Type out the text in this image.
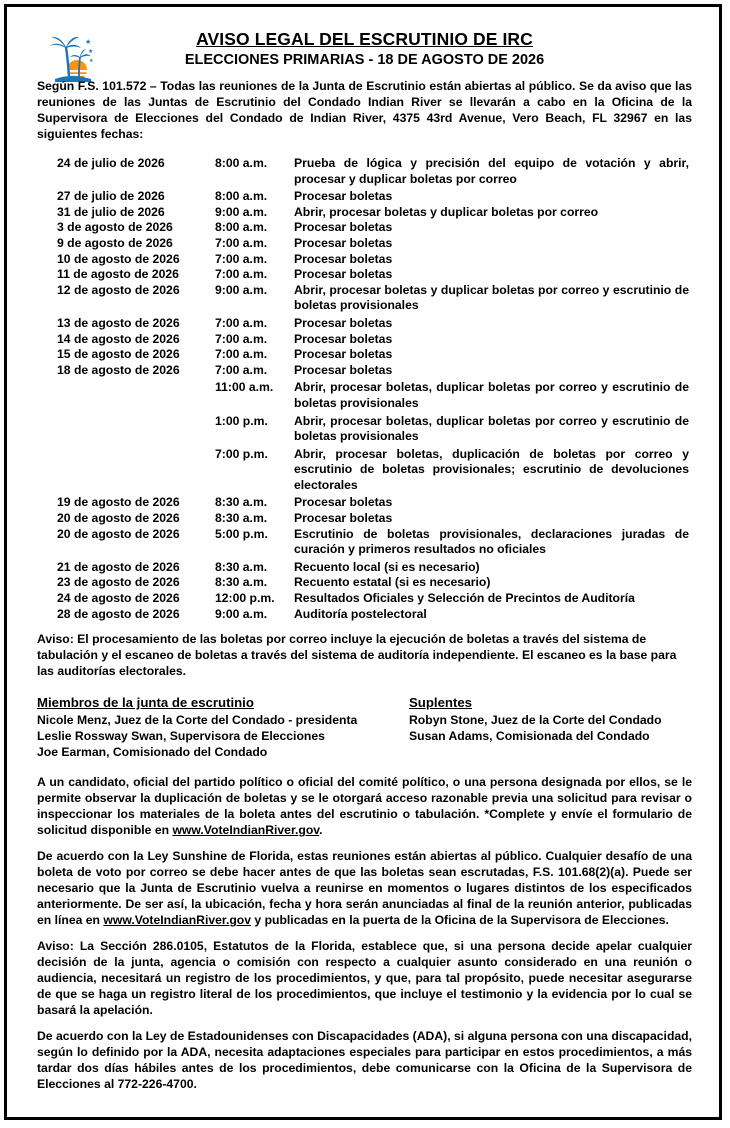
★
★
★
AVISO LEGAL DEL ESCRUTINIO DE IRC
ELECCIONES PRIMARIAS - 18 DE AGOSTO DE 2026

Según F.S. 101.572 – Todas las reuniones de la Junta de Escrutinio están abiertas al público. Se da aviso que las reuniones de las Juntas de Escrutinio del Condado Indian River se llevarán a cabo en la Oficina de la Supervisora de Elecciones del Condado de Indian River, 4375 43rd Avenue, Vero Beach, FL 32967 en las siguientes fechas:

24 de julio de 2026	8:00 a.m.	Prueba de lógica y precisión del equipo de votación y abrir, procesar y duplicar boletas por correo
27 de julio de 2026	8:00 a.m.	Procesar boletas
31 de julio de 2026	9:00 a.m.	Abrir, procesar boletas y duplicar boletas por correo
3 de agosto de 2026	8:00 a.m.	Procesar boletas
9 de agosto de 2026	7:00 a.m.	Procesar boletas
10 de agosto de 2026	7:00 a.m.	Procesar boletas
11 de agosto de 2026	7:00 a.m.	Procesar boletas
12 de agosto de 2026	9:00 a.m.	Abrir, procesar boletas y duplicar boletas por correo y escrutinio de boletas provisionales
13 de agosto de 2026	7:00 a.m.	Procesar boletas
14 de agosto de 2026	7:00 a.m.	Procesar boletas
15 de agosto de 2026	7:00 a.m.	Procesar boletas
18 de agosto de 2026	7:00 a.m.	Procesar boletas
	11:00 a.m.	Abrir, procesar boletas, duplicar boletas por correo y escrutinio de boletas provisionales
	1:00 p.m.	Abrir, procesar boletas, duplicar boletas por correo y escrutinio de boletas provisionales
	7:00 p.m.	Abrir, procesar boletas, duplicación de boletas por correo y escrutinio de boletas provisionales; escrutinio de devoluciones electorales
19 de agosto de 2026	8:30 a.m.	Procesar boletas
20 de agosto de 2026	8:30 a.m.	Procesar boletas
20 de agosto de 2026	5:00 p.m.	Escrutinio de boletas provisionales, declaraciones juradas de curación y primeros resultados no oficiales
21 de agosto de 2026	8:30 a.m.	Recuento local (si es necesario)
23 de agosto de 2026	8:30 a.m.	Recuento estatal (si es necesario)
24 de agosto de 2026	12:00 p.m.	Resultados Oficiales y Selección de Precintos de Auditoría
28 de agosto de 2026	9:00 a.m.	Auditoría postelectoral

Aviso: El procesamiento de las boletas por correo incluye la ejecución de boletas a través del sistema de tabulación y el escaneo de boletas a través del sistema de auditoría independiente. El escaneo es la base para las auditorías electorales.

Miembros de la junta de escrutinio
Nicole Menz, Juez de la Corte del Condado - presidenta
Leslie Rossway Swan, Supervisora de Elecciones
Joe Earman, Comisionado del Condado
Suplentes
Robyn Stone, Juez de la Corte del Condado
Susan Adams, Comisionada del Condado

A un candidato, oficial del partido político o oficial del comité político, o una persona designada por ellos, se le permite observar la duplicación de boletas y se le otorgará acceso razonable previa una solicitud para revisar o inspeccionar los materiales de la boleta antes del escrutinio o tabulación. *Complete y envíe el formulario de solicitud disponible en www.VoteIndianRiver.gov.

De acuerdo con la Ley Sunshine de Florida, estas reuniones están abiertas al público. Cualquier desafío de una boleta de voto por correo se debe hacer antes de que las boletas sean escrutadas, F.S. 101.68(2)(a). Puede ser necesario que la Junta de Escrutinio vuelva a reunirse en momentos o lugares distintos de los especificados anteriormente. De ser así, la ubicación, fecha y hora serán anunciadas al final de la reunión anterior, publicadas en línea en www.VoteIndianRiver.gov y publicadas en la puerta de la Oficina de la Supervisora de Elecciones.

Aviso: La Sección 286.0105, Estatutos de la Florida, establece que, si una persona decide apelar cualquier decisión de la junta, agencia o comisión con respecto a cualquier asunto considerado en una reunión o audiencia, necesitará un registro de los procedimientos, y que, para tal propósito, puede necesitar asegurarse de que se haga un registro literal de los procedimientos, que incluye el testimonio y la evidencia por lo cual se basará la apelación.

De acuerdo con la Ley de Estadounidenses con Discapacidades (ADA), si alguna persona con una discapacidad, según lo definido por la ADA, necesita adaptaciones especiales para participar en estos procedimientos, a más tardar dos días hábiles antes de los procedimientos, debe comunicarse con la Oficina de la Supervisora de Elecciones al 772-226-4700.
